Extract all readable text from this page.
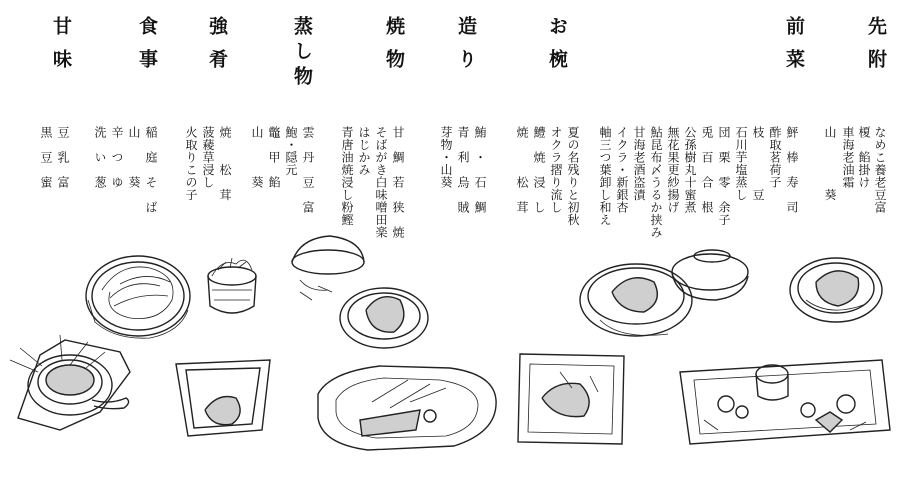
先附
前菜
お椀
造り
焼物
蒸し物
強肴
食事
甘味
なめこ養老豆富
榎　餡掛け
車海老油霜
山　　　　葵
鮃　棒　寿　司
酢取茗荷子
枝　　　　豆
石川芋塩蒸し
団　栗　零　余子
兎　百　合　根
公孫樹丸十蜜煮
無花果更紗揚げ
鮎昆布〆うるか挟み
甘海老酒盗漬
イクラ・新銀杏
軸三つ葉卸し和え
夏の名残りと初秋
オクラ摺り流し
鱧　焼　浸　し
焼　　　松　茸
鮪　・　石　鯛
青　利　烏　賊
芽物・山葵
甘　鯛　若　狭　焼
そばがき白味噌田楽
はじかみ
青唐油焼浸し粉鰹
雲　丹　豆　富
鮑・隠元
鼈　甲　餡
山　　　葵
焼　　松　茸
菠薐草浸し
火取りこの子
稲　庭　そ　ば
山　　　葵
辛　つ　ゆ
洗　い　葱
豆　乳　富
黒　豆　蜜
